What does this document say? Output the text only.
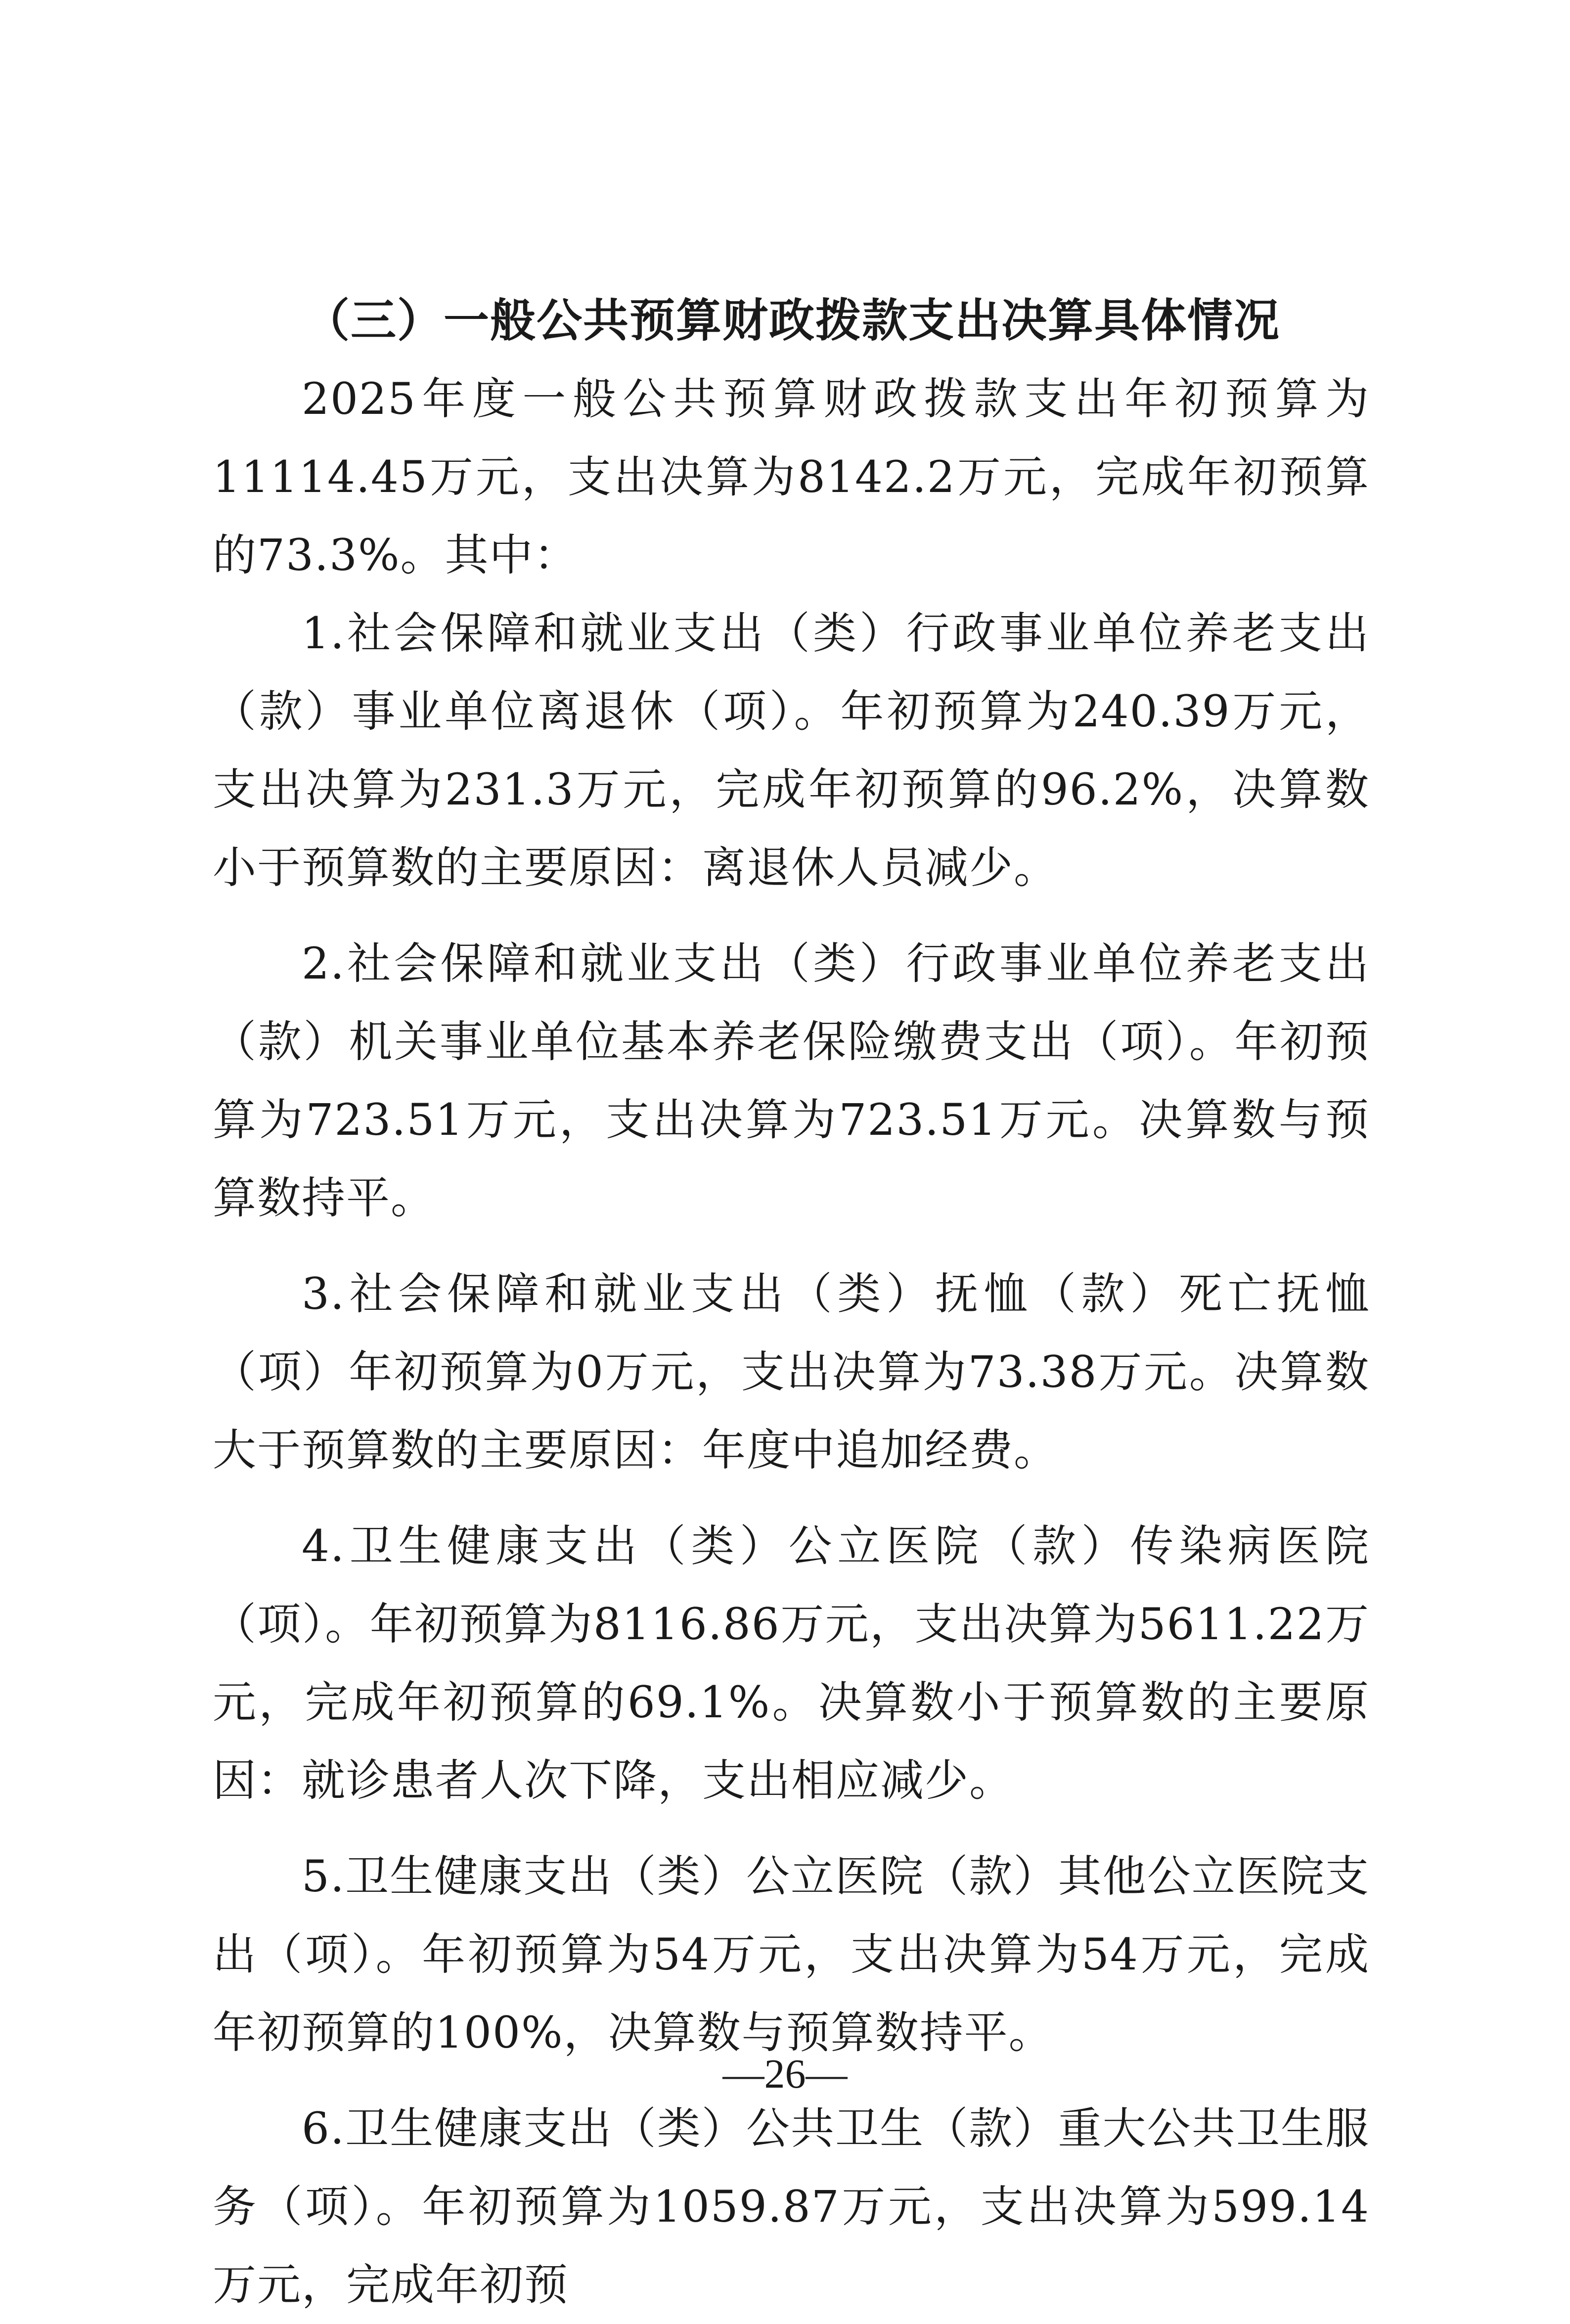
（三）一般公共预算财政拨款支出决算具体情况

2025年度一般公共预算财政拨款支出年初预算为11114.45万元，支出决算为8142.2万元，完成年初预算的73.3%。其中：

1.社会保障和就业支出（类）行政事业单位养老支出（款）事业单位离退休（项）。年初预算为240.39万元，支出决算为231.3万元，完成年初预算的96.2%，决算数小于预算数的主要原因：离退休人员减少。

2.社会保障和就业支出（类）行政事业单位养老支出（款）机关事业单位基本养老保险缴费支出（项）。年初预算为723.51万元，支出决算为723.51万元。决算数与预算数持平。

3.社会保障和就业支出（类）抚恤（款）死亡抚恤（项）年初预算为0万元，支出决算为73.38万元。决算数大于预算数的主要原因：年度中追加经费。

4.卫生健康支出（类）公立医院（款）传染病医院（项）。年初预算为8116.86万元，支出决算为5611.22万元，完成年初预算的69.1%。决算数小于预算数的主要原因：就诊患者人次下降，支出相应减少。

5.卫生健康支出（类）公立医院（款）其他公立医院支出（项）。年初预算为54万元，支出决算为54万元，完成年初预算的100%，决算数与预算数持平。

6.卫生健康支出（类）公共卫生（款）重大公共卫生服务（项）。年初预算为1059.87万元，支出决算为599.14万元，完成年初预

—26—
